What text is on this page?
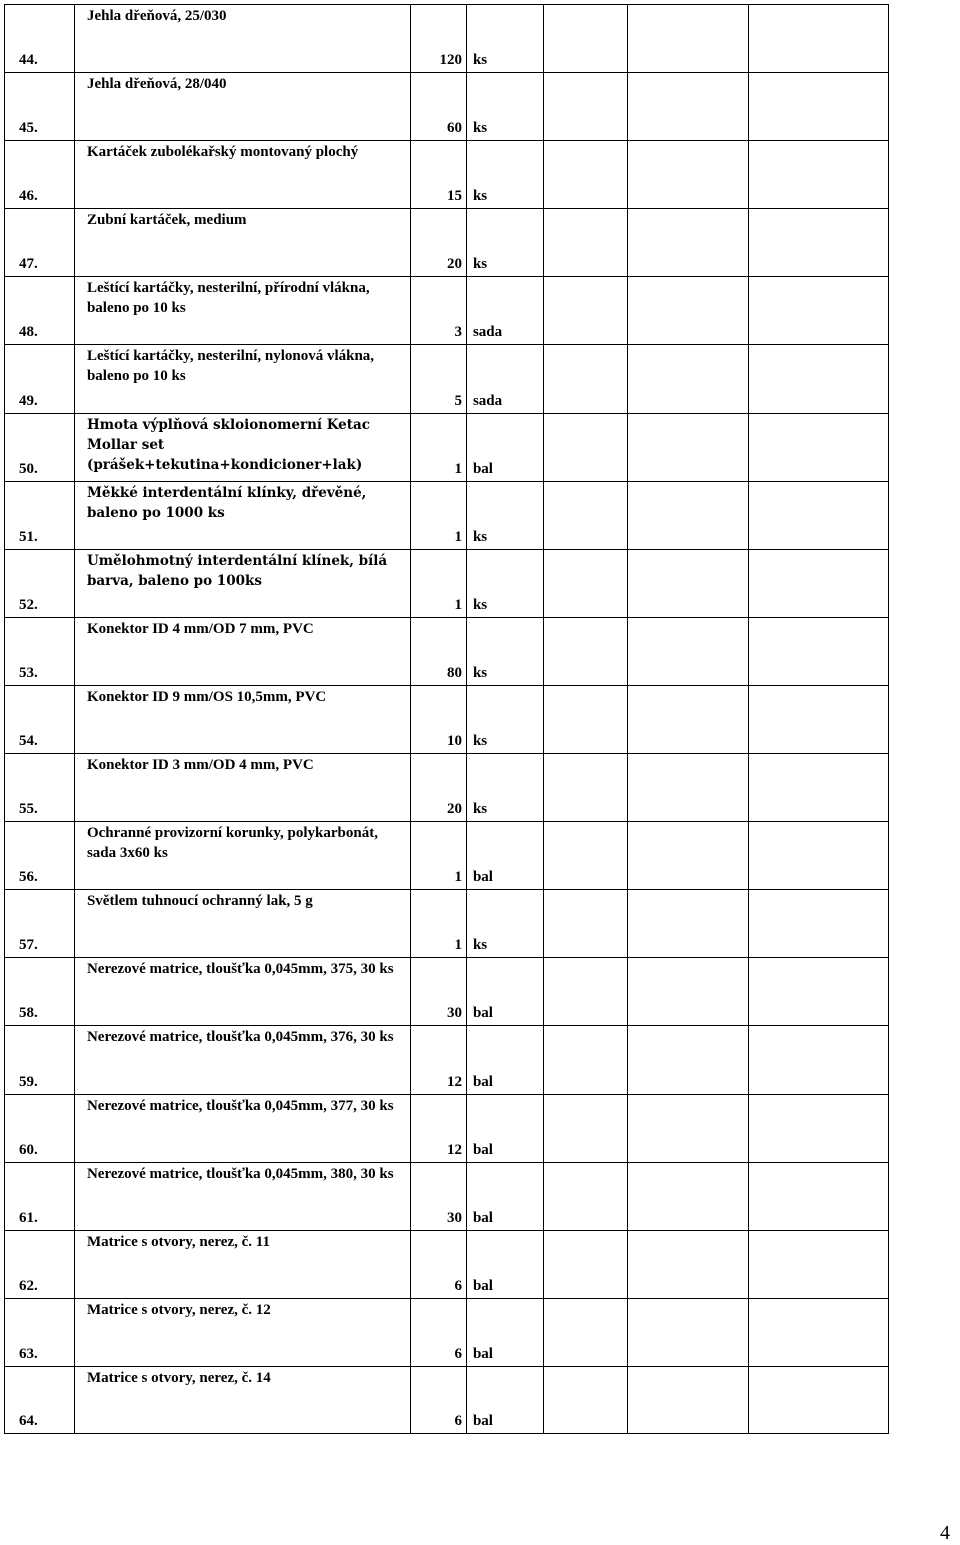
44.	Jehla dřeňová, 25/030	120	ks			
45.	Jehla dřeňová, 28/040	60	ks			
46.	Kartáček zubolékařský montovaný plochý	15	ks			
47.	Zubní kartáček, medium	20	ks			
48.	Leštící kartáčky, nesterilní, přírodní vlákna, baleno po 10 ks	3	sada			
49.	Leštící kartáčky, nesterilní, nylonová vlákna, baleno po 10 ks	5	sada			
50.	Hmota výplňová skloionomerní Ketac Mollar set (prášek+tekutina+kondicioner+lak)	1	bal			
51.	Měkké interdentální klínky, dřevěné, baleno po 1000 ks	1	ks			
52.	Umělohmotný interdentální klínek, bílá barva, baleno po 100ks	1	ks			
53.	Konektor ID 4 mm/OD 7 mm, PVC	80	ks			
54.	Konektor ID 9 mm/OS 10,5mm, PVC	10	ks			
55.	Konektor ID 3 mm/OD 4 mm, PVC	20	ks			
56.	Ochranné provizorní korunky, polykarbonát, sada 3x60 ks	1	bal			
57.	Světlem tuhnoucí ochranný lak, 5 g	1	ks			
58.	Nerezové matrice, tloušťka 0,045mm, 375, 30 ks	30	bal			
59.	Nerezové matrice, tloušťka 0,045mm, 376, 30 ks	12	bal			
60.	Nerezové matrice, tloušťka 0,045mm, 377, 30 ks	12	bal			
61.	Nerezové matrice, tloušťka 0,045mm, 380, 30 ks	30	bal			
62.	Matrice s otvory, nerez, č. 11	6	bal			
63.	Matrice s otvory, nerez, č. 12	6	bal			
64.	Matrice s otvory, nerez, č. 14	6	bal			
4
